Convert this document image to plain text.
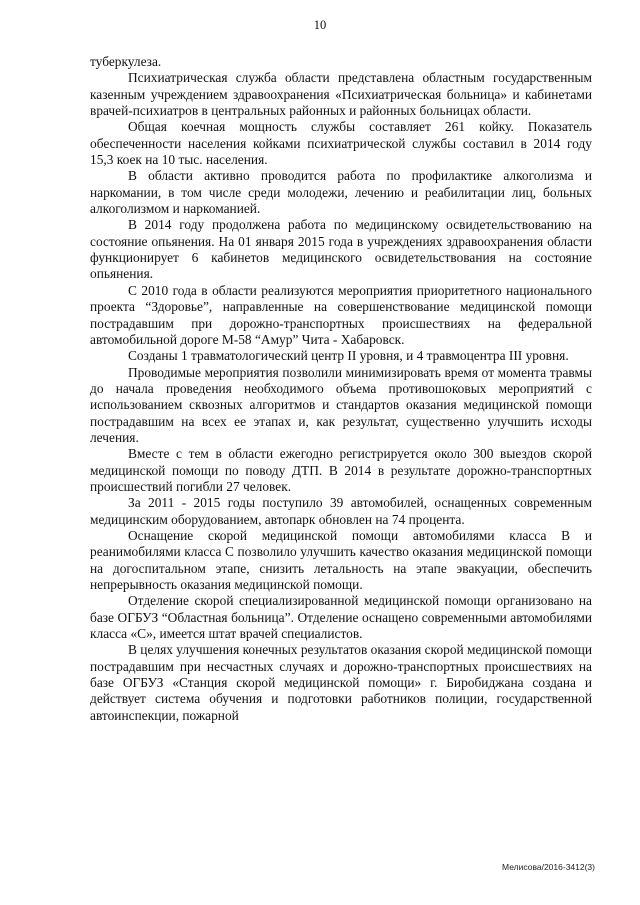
10

туберкулеза.

Психиатрическая служба области представлена областным государственным казенным учреждением здравоохранения «Психиатрическая больница» и кабинетами врачей-психиатров в центральных районных и районных больницах области.

Общая коечная мощность службы составляет 261 койку. Показатель обеспеченности населения койками психиатрической службы составил в 2014 году 15,3 коек на 10 тыс. населения.

В области активно проводится работа по профилактике алкоголизма и наркомании, в том числе среди молодежи, лечению и реабилитации лиц, больных алкоголизмом и наркоманией.

В 2014 году продолжена работа по медицинскому освидетельствованию на состояние опьянения. На 01 января 2015 года в учреждениях здравоохранения области функционирует 6 кабинетов медицинского освидетельствования на состояние опьянения.

С 2010 года в области реализуются мероприятия приоритетного национального проекта “Здоровье”, направленные на совершенствование медицинской помощи пострадавшим при дорожно-транспортных происшествиях на федеральной автомобильной дороге М-58 “Амур” Чита - Хабаровск.

Созданы 1 травматологический центр II уровня, и 4 травмоцентра III уровня.

Проводимые мероприятия позволили минимизировать время от момента травмы до начала проведения необходимого объема противошоковых мероприятий с использованием сквозных алгоритмов и стандартов оказания медицинской помощи пострадавшим на всех ее этапах и, как результат, существенно улучшить исходы лечения.

Вместе с тем в области ежегодно регистрируется около 300 выездов скорой медицинской помощи по поводу ДТП. В 2014 в результате дорожно-транспортных происшествий погибли 27 человек.

За 2011 - 2015 годы поступило 39 автомобилей, оснащенных современным медицинским оборудованием, автопарк обновлен на 74 процента.

Оснащение скорой медицинской помощи автомобилями класса В и реанимобилями класса С позволило улучшить качество оказания медицинской помощи на догоспитальном этапе, снизить летальность на этапе эвакуации, обеспечить непрерывность оказания медицинской помощи.

Отделение скорой специализированной медицинской помощи организовано на базе ОГБУЗ “Областная больница”. Отделение оснащено современными автомобилями класса «С», имеется штат врачей специалистов.

В целях улучшения конечных результатов оказания скорой медицинской помощи пострадавшим при несчастных случаях и дорожно-транспортных происшествиях на базе ОГБУЗ «Станция скорой медицинской помощи» г. Биробиджана создана и действует система обучения и подготовки работников полиции, государственной автоинспекции, пожарной

Мелисова/2016-3412(3)
